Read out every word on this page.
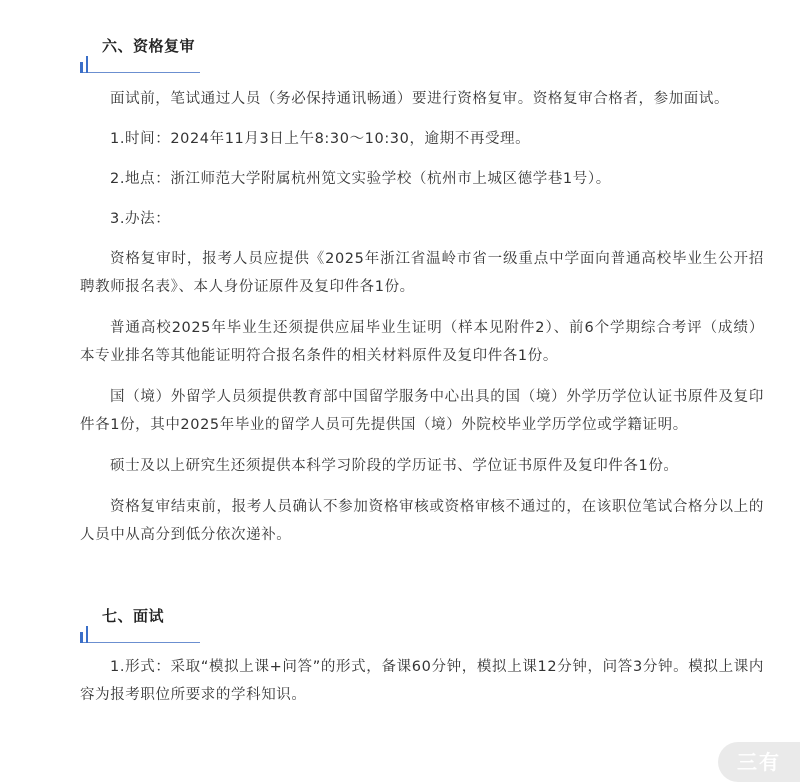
六、资格复审

面试前，笔试通过人员（务必保持通讯畅通）要进行资格复审。资格复审合格者，参加面试。

1.时间：2024年11月3日上午8:30～10:30，逾期不再受理。

2.地点：浙江师范大学附属杭州笕文实验学校（杭州市上城区德学巷1号）。

3.办法：

资格复审时，报考人员应提供《2025年浙江省温岭市省一级重点中学面向普通高校毕业生公开招聘教师报名表》、本人身份证原件及复印件各1份。

普通高校2025年毕业生还须提供应届毕业生证明（样本见附件2）、前6个学期综合考评（成绩）本专业排名等其他能证明符合报名条件的相关材料原件及复印件各1份。

国（境）外留学人员须提供教育部中国留学服务中心出具的国（境）外学历学位认证书原件及复印件各1份，其中2025年毕业的留学人员可先提供国（境）外院校毕业学历学位或学籍证明。

硕士及以上研究生还须提供本科学习阶段的学历证书、学位证书原件及复印件各1份。

资格复审结束前，报考人员确认不参加资格审核或资格审核不通过的，在该职位笔试合格分以上的人员中从高分到低分依次递补。

七、面试

1.形式：采取“模拟上课+问答”的形式，备课60分钟，模拟上课12分钟，问答3分钟。模拟上课内容为报考职位所要求的学科知识。

三有
